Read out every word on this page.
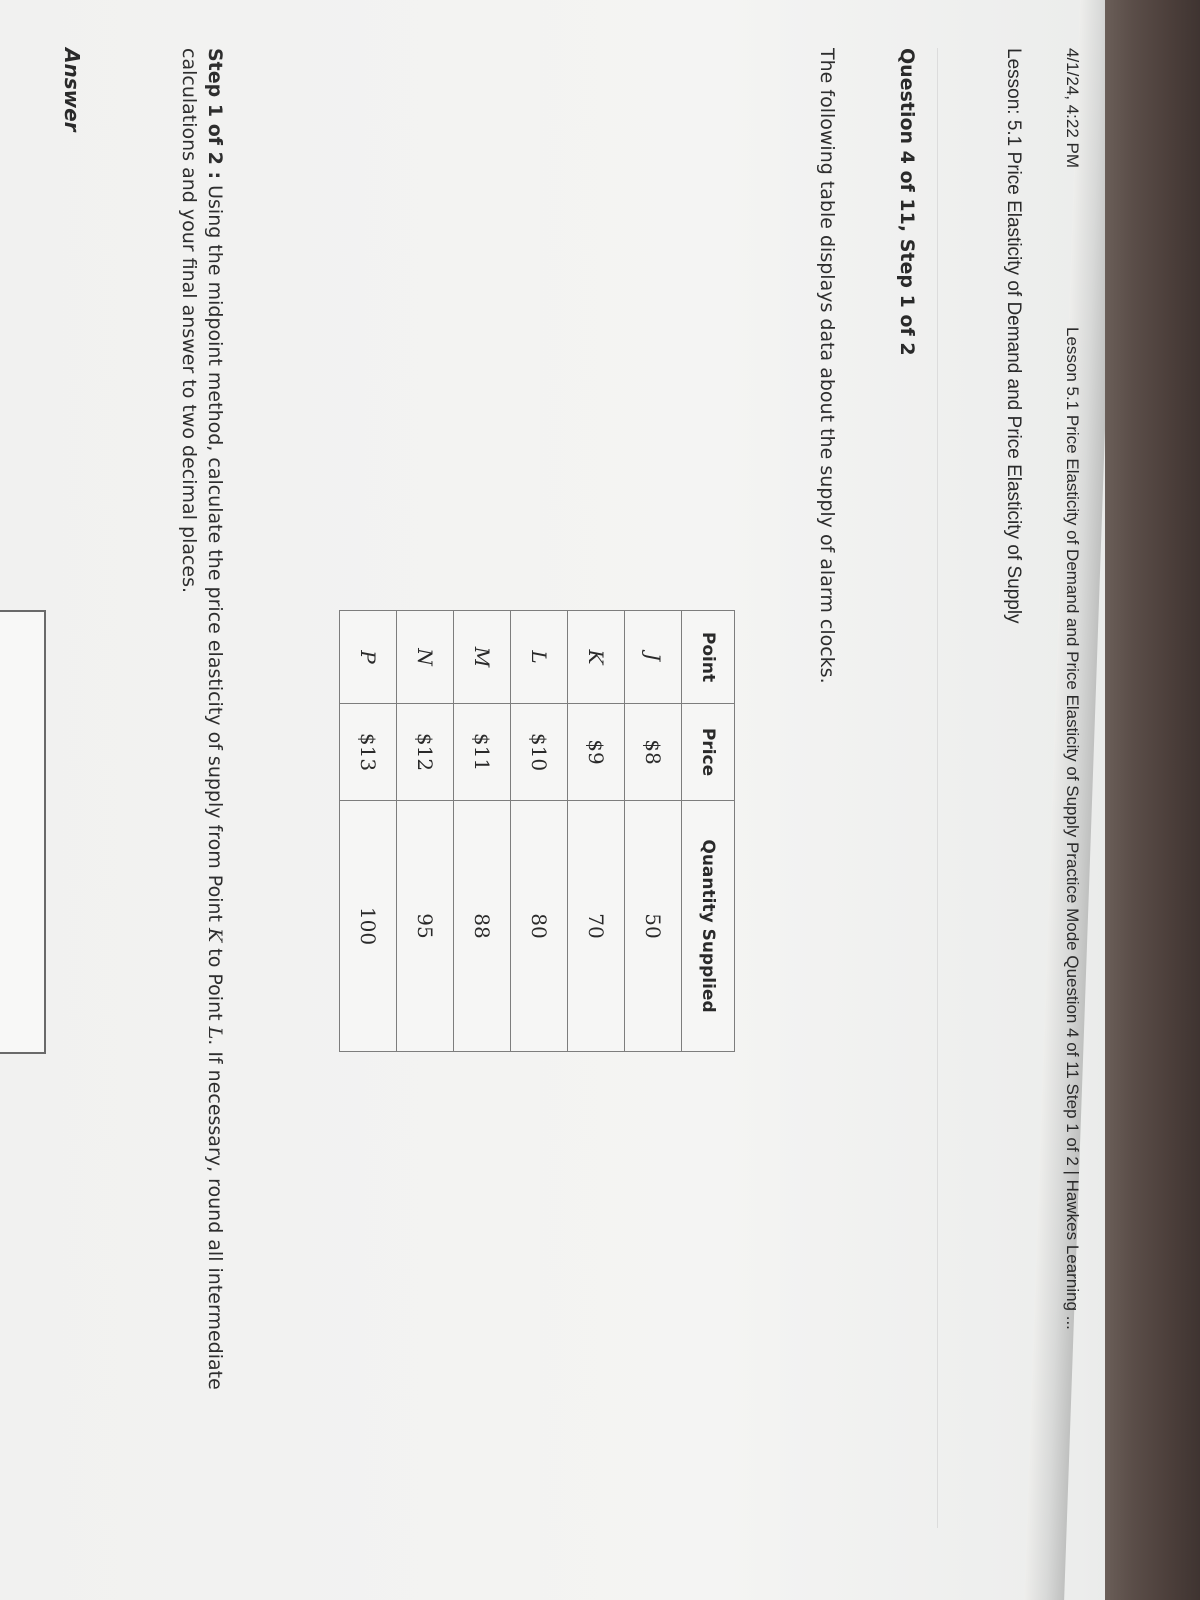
4/1/24, 4:22 PM
Lesson 5.1 Price Elasticity of Demand and Price Elasticity of Supply Practice Mode Question 4 of 11 Step 1 of 2 | Hawkes Learning ...
Lesson: 5.1 Price Elasticity of Demand and Price Elasticity of Supply
Question 4 of 11, Step 1 of 2
The following table displays data about the supply of alarm clocks.
Point	Price	Quantity Supplied
J	$8	50
K	$9	70
L	$10	80
M	$11	88
N	$12	95
P	$13	100
Step 1 of 2 : Using the midpoint method, calculate the price elasticity of supply from Point K to Point L. If necessary, round all intermediate calculations and your final answer to two decimal places.
Answer
